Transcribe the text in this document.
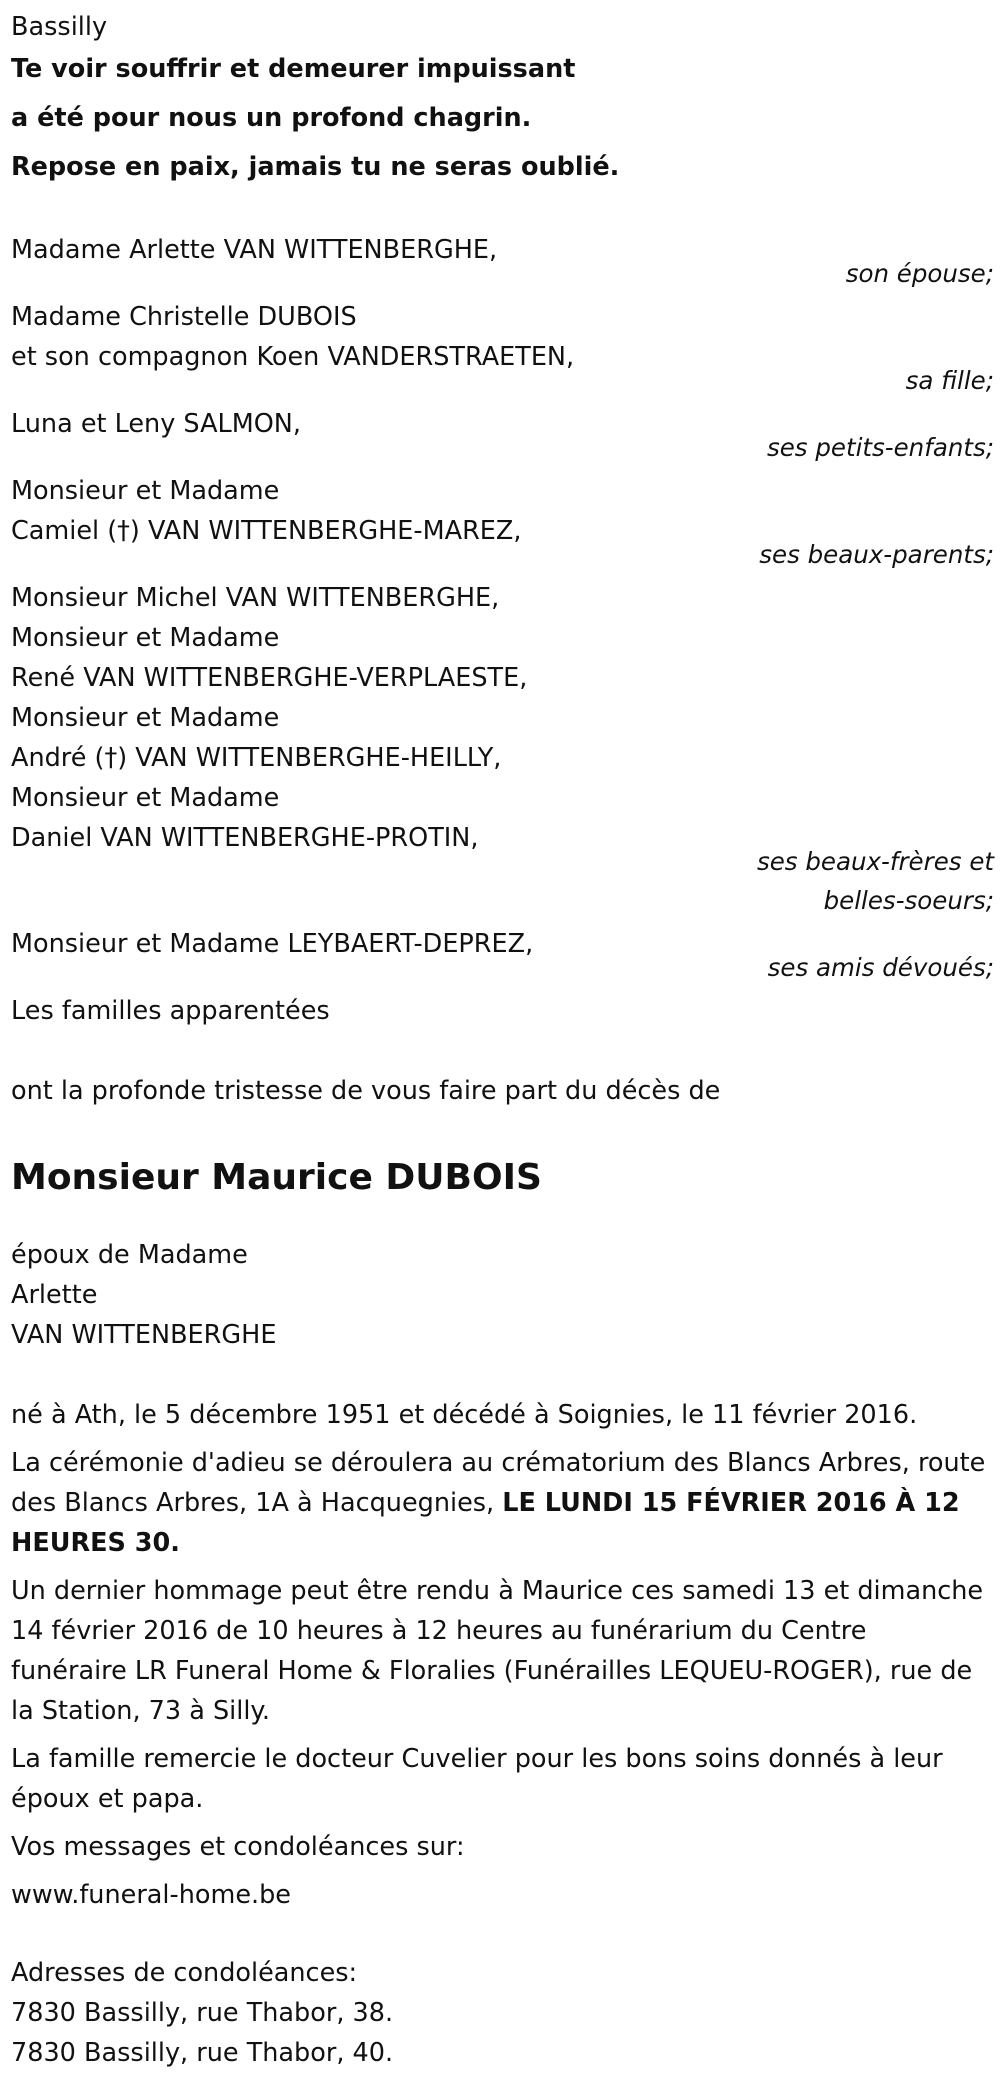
Bassilly

Te voir souffrir et demeurer impuissant

a été pour nous un profond chagrin.

Repose en paix, jamais tu ne seras oublié.

Madame Arlette VAN WITTENBERGHE,

son épouse;

Madame Christelle DUBOIS

et son compagnon Koen VANDERSTRAETEN,

sa fille;

Luna et Leny SALMON,

ses petits-enfants;

Monsieur et Madame

Camiel (†) VAN WITTENBERGHE-MAREZ,

ses beaux-parents;

Monsieur Michel VAN WITTENBERGHE,

Monsieur et Madame

René VAN WITTENBERGHE-VERPLAESTE,

Monsieur et Madame

André (†) VAN WITTENBERGHE-HEILLY,

Monsieur et Madame

Daniel VAN WITTENBERGHE-PROTIN,

ses beaux-frères et

belles-soeurs;

Monsieur et Madame LEYBAERT-DEPREZ,

ses amis dévoués;

Les familles apparentées

ont la profonde tristesse de vous faire part du décès de

Monsieur Maurice DUBOIS

époux de Madame

Arlette

VAN WITTENBERGHE

né à Ath, le 5 décembre 1951 et décédé à Soignies, le 11 février 2016.

La cérémonie d'adieu se déroulera au crématorium des Blancs Arbres, route des Blancs Arbres, 1A à Hacquegnies, LE LUNDI 15 FÉVRIER 2016 À 12 HEURES 30.

Un dernier hommage peut être rendu à Maurice ces samedi 13 et dimanche 14 février 2016 de 10 heures à 12 heures au funérarium du Centre funéraire LR Funeral Home & Floralies (Funérailles LEQUEU-ROGER), rue de la Station, 73 à Silly.

La famille remercie le docteur Cuvelier pour les bons soins donnés à leur époux et papa.

Vos messages et condoléances sur:

www.funeral-home.be

Adresses de condoléances:

7830 Bassilly, rue Thabor, 38.

7830 Bassilly, rue Thabor, 40.
